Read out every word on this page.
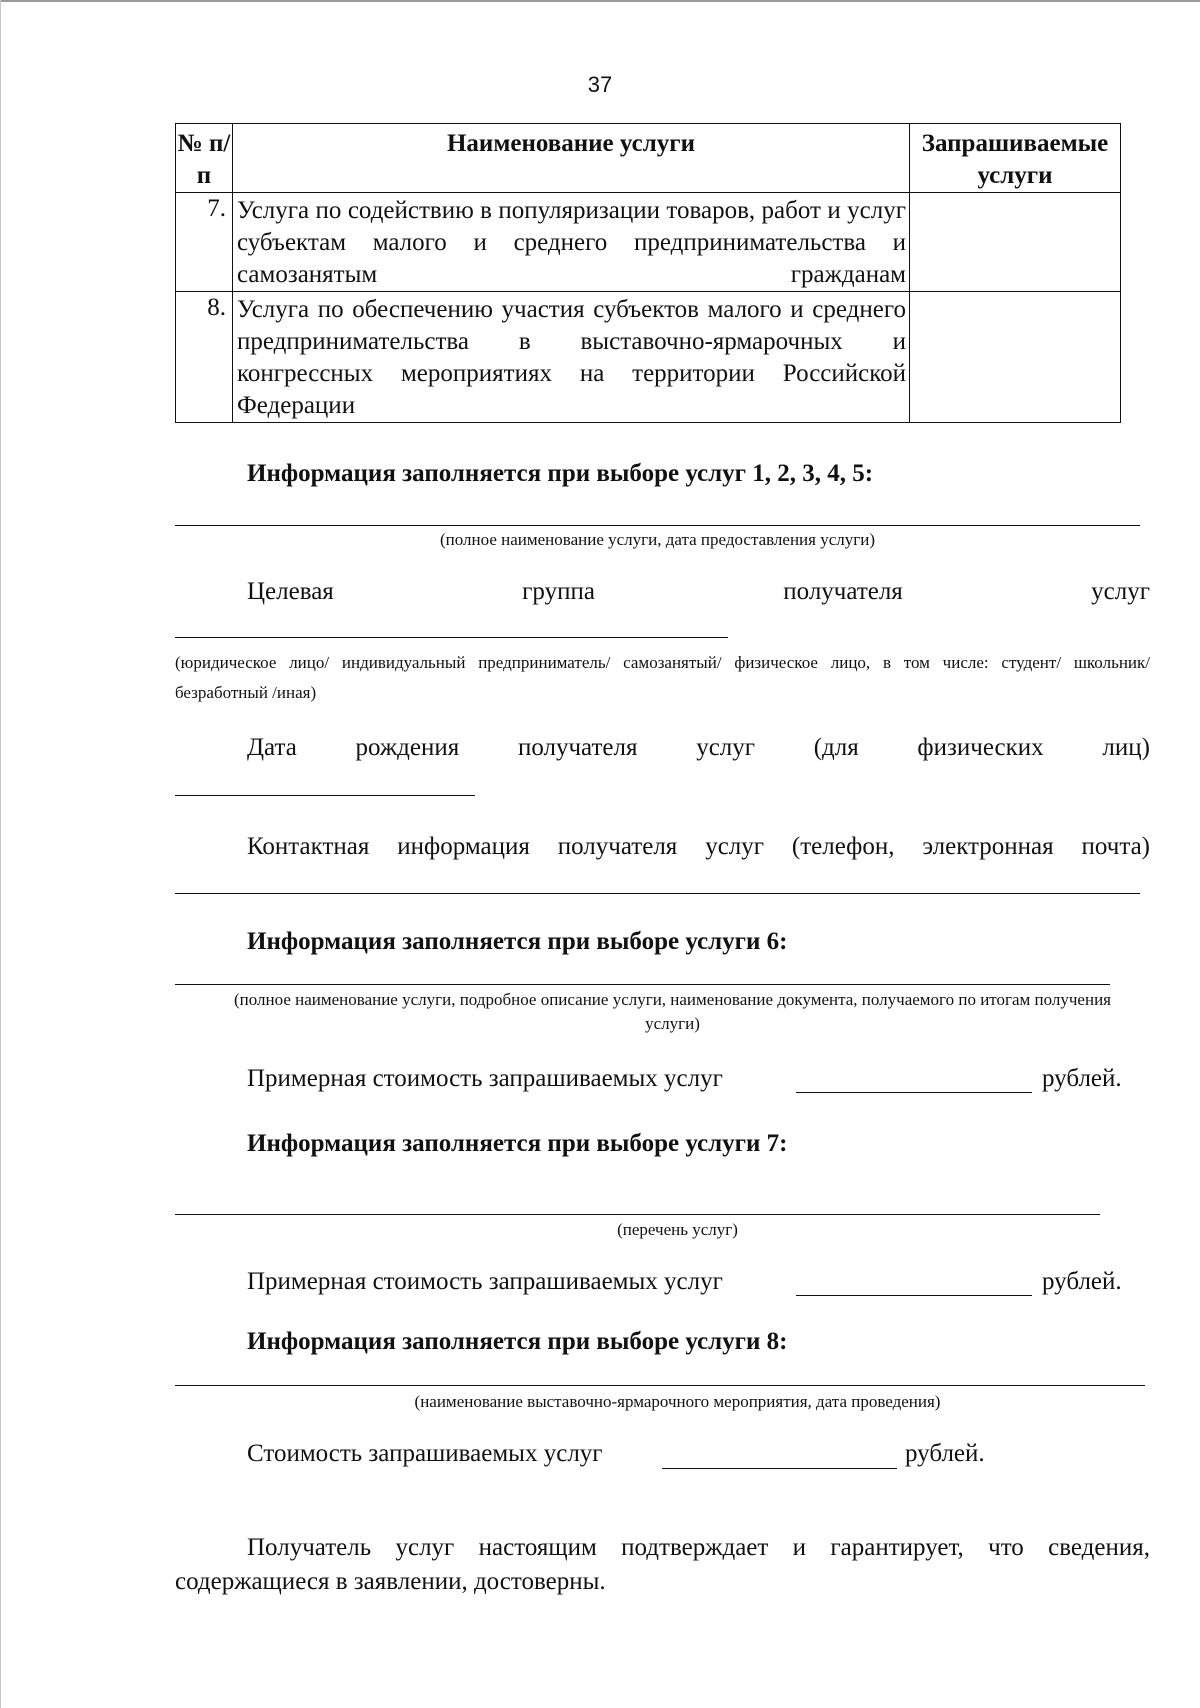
37
№ п/п	Наименование услуги	Запрашиваемые услуги
7.	Услуга по содействию в популяризации товаров, работ и услуг субъектам малого и среднего предпринимательства и самозанятым гражданам	
8.	Услуга по обеспечению участия субъектов малого и среднего предпринимательства в выставочно-ярмарочных и конгрессных мероприятиях на территории Российской Федерации	
Информация заполняется при выборе услуг 1, 2, 3, 4, 5:
(полное наименование услуги, дата предоставления услуги)
Целевая	группа	получателя	услуг
(юридическое лицо/ индивидуальный предприниматель/ самозанятый/ физическое лицо, в том числе: студент/ школьник/ безработный /иная)
Дата рождения получателя услуг (для физических лиц)
Контактная информация получателя услуг (телефон, электронная почта)
Информация заполняется при выборе услуги 6:
(полное наименование услуги, подробное описание услуги, наименование документа, получаемого по итогам получения услуги)
Примерная стоимость запрашиваемых услуг	рублей.
Информация заполняется при выборе услуги 7:
(перечень услуг)
Примерная стоимость запрашиваемых услуг	рублей.
Информация заполняется при выборе услуги 8:
(наименование выставочно-ярмарочного мероприятия, дата проведения)
Стоимость запрашиваемых услуг	рублей.
Получатель услуг настоящим подтверждает и гарантирует, что сведения, содержащиеся в заявлении, достоверны.
